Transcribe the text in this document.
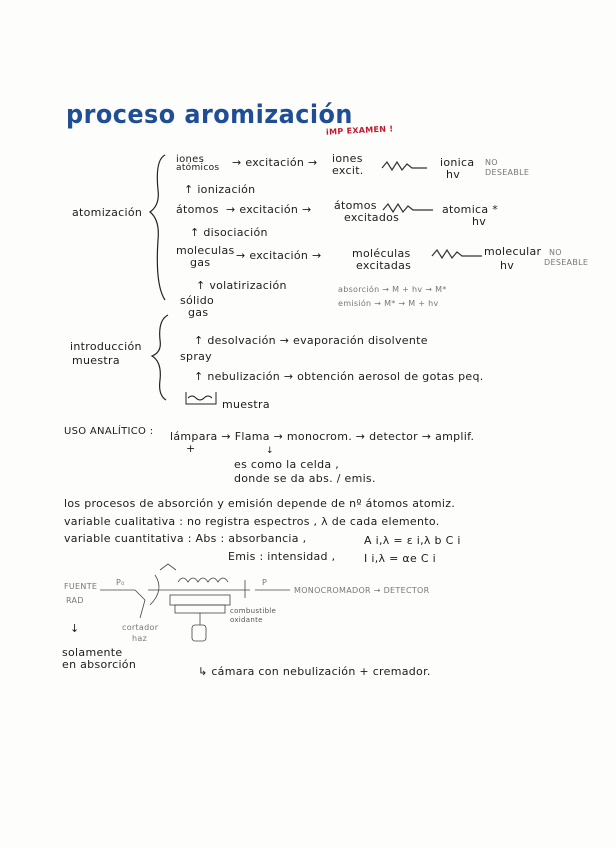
proceso aromización
iMP EXAMEN !
atomización
iones
atómicos → excitación → iones
excit.
ionica
hv
NO
DESEABLE
↑ ionización
átomos → excitación → átomos
excitados
atomica *
hv
↑ disociación
moleculas
gas
→ excitación →	moléculas
excitadas
molecular
hv
NO
DESEABLE
↑ volatirización
sólido
gas
absorción → M + hv → M*
emisión → M* → M + hv
introducción
muestra
↑ desolvación → evaporación disolvente
spray
↑ nebulización → obtención aerosol de gotas peq.
muestra
USO ANALÍTICO : lámpara → Flama → monocrom. → detector → amplif.
+	↓
es como la celda ,
donde se da abs. / emis.
los procesos de absorción y emisión depende de nº átomos atomiz.
variable cualitativa : no registra espectros , λ de cada elemento.
variable cuantitativa : Abs : absorbancia ,	A i,λ = ε i,λ b C i
Emis : intensidad ,	I i,λ = αe C i
FUENTE
RAD
P₀	P
MONOCROMADOR → DETECTOR
cortador
haz
combustible
oxidante
↓
solamente
en absorción
↳ cámara con nebulización + cremador.
